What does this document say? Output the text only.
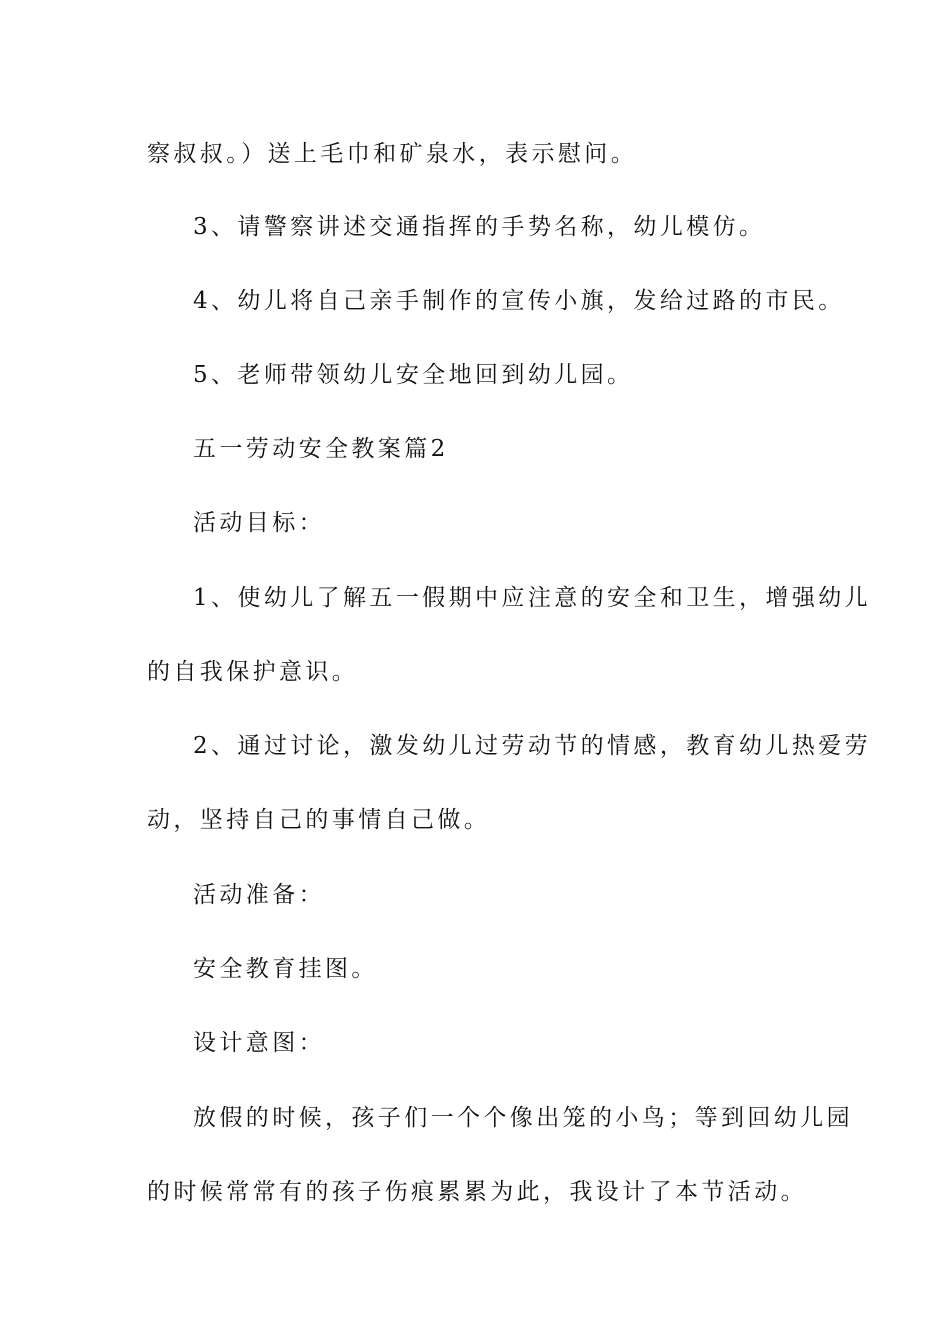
察叔叔。）送上毛巾和矿泉水，表示慰问。

3、请警察讲述交通指挥的手势名称，幼儿模仿。

4、幼儿将自己亲手制作的宣传小旗，发给过路的市民。

5、老师带领幼儿安全地回到幼儿园。

五一劳动安全教案篇2

活动目标：

1、使幼儿了解五一假期中应注意的安全和卫生，增强幼儿

的自我保护意识。

2、通过讨论，激发幼儿过劳动节的情感，教育幼儿热爱劳

动，坚持自己的事情自己做。

活动准备：

安全教育挂图。

设计意图：

放假的时候，孩子们一个个像出笼的小鸟；等到回幼儿园

的时候常常有的孩子伤痕累累为此，我设计了本节活动。
